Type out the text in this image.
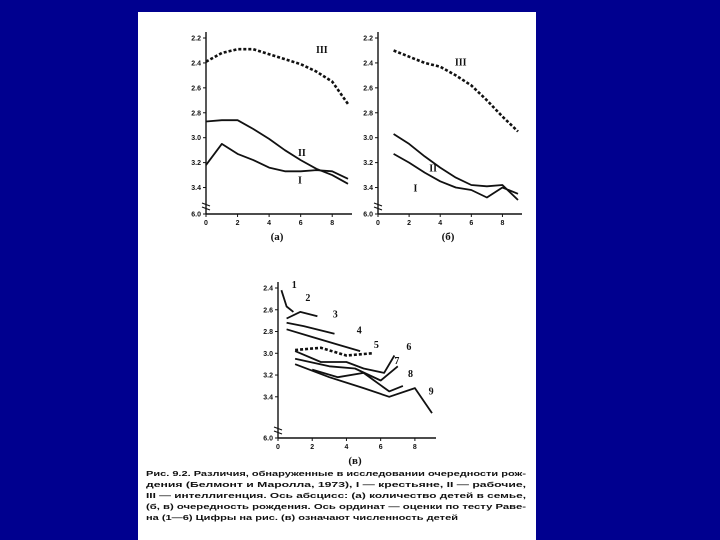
2.2
2.4
2.6
2.8
3.0
3.2
3.4
6.0
0	2	4	6	8
III
II
I
(а)
2.2
2.4
2.6
2.8
3.0
3.2
3.4
6.0
0	2	4	6	8
III
II
I
(б)
2.4
2.6
2.8
3.0
3.2
3.4
6.0
0	2	4	6	8
1
2
3
4
5	6
7
8
9
(в)
Рис. 9.2. Различия, обнаруженные в исследовании очередности рож-
дения (Белмонт и Маролла, 1973), I — крестьяне, II — рабочие,
III — интеллигенция. Ось абсцисс: (а) количество детей в семье,
(б, в) очередность рождения. Ось ординат — оценки по тесту Раве-
на (1—6) Цифры на рис. (в) означают численность детей
